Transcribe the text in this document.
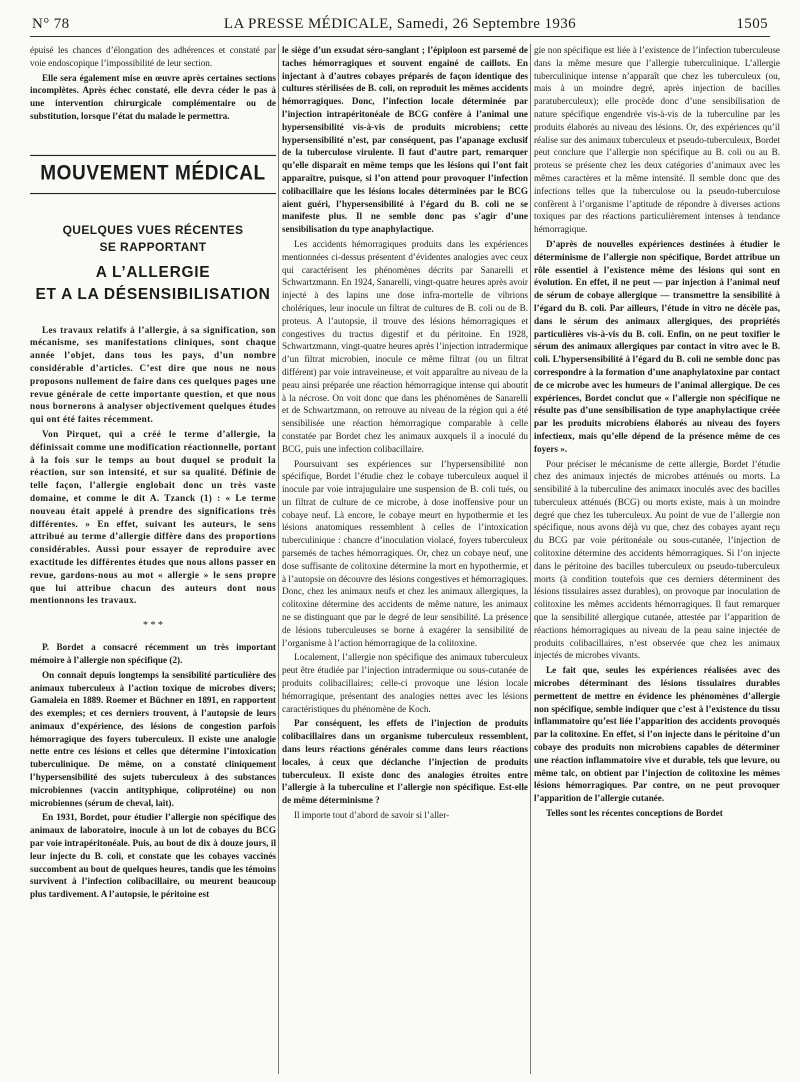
N° 78	LA PRESSE MÉDICALE, Samedi, 26 Septembre 1936	1505

épuisé les chances d’élongation des adhérences et constaté par voie endoscopique l’impossibilité de leur section.

Elle sera également mise en œuvre après certaines sections incomplètes. Après échec constaté, elle devra céder le pas à une intervention chirurgicale complémentaire ou de substitution, lorsque l’état du malade le permettra.

MOUVEMENT MÉDICAL
QUELQUES VUES RÉCENTES
SE RAPPORTANT
A L’ALLERGIE
ET A LA DÉSENSIBILISATION

Les travaux relatifs à l’allergie, à sa signification, son mécanisme, ses manifestations cliniques, sont chaque année l’objet, dans tous les pays, d’un nombre considérable d’articles. C’est dire que nous ne nous proposons nullement de faire dans ces quelques pages une revue générale de cette importante question, et que nous nous bornerons à analyser objectivement quelques études qui ont été faites récemment.

Von Pirquet, qui a créé le terme d’allergie, la définissait comme une modification réactionnelle, portant à la fois sur le temps au bout duquel se produit la réaction, sur son intensité, et sur sa qualité. Définie de telle façon, l’allergie englobait donc un très vaste domaine, et comme le dit A. Tzanck (1) : « Le terme nouveau était appelé à prendre des significations très différentes. » En effet, suivant les auteurs, le sens attribué au terme d’allergie diffère dans des proportions considérables. Aussi pour essayer de reproduire avec exactitude les différentes études que nous allons passer en revue, gardons-nous au mot « allergie » le sens propre que lui attribue chacun des auteurs dont nous mentionnons les travaux.

* * *

P. Bordet a consacré récemment un très important mémoire à l’allergie non spécifique (2).

On connaît depuis longtemps la sensibilité particulière des animaux tuberculeux à l’action toxique de microbes divers; Gamaleia en 1889. Roemer et Büchner en 1891, en rapportent des exemples; et ces derniers trouvent, à l’autopsie de leurs animaux d’expérience, des lésions de congestion parfois hémorragique des foyers tuberculeux. Il existe une analogie nette entre ces lésions et celles que détermine l’intoxication tuberculinique. De même, on a constaté cliniquement l’hypersensibilité des sujets tuberculeux à des substances microbiennes (vaccin antityphique, coliprotéine) ou non microbiennes (sérum de cheval, lait).

En 1931, Bordet, pour étudier l’allergie non spécifique des animaux de laboratoire, inocule à un lot de cobayes du BCG par voie intrapéritonéale. Puis, au bout de dix à douze jours, il leur injecte du B. coli, et constate que les cobayes vaccinés succombent au bout de quelques heures, tandis que les témoins survivent à l’infection colibacillaire, ou meurent beaucoup plus tardivement. A l’autopsie, le péritoine est

le siège d’un exsudat séro-sanglant ; l’épiploon est parsemé de taches hémorragiques et souvent engainé de caillots. En injectant à d’autres cobayes préparés de façon identique des cultures stérilisées de B. coli, on reproduit les mêmes accidents hémorragiques. Donc, l’infection locale déterminée par l’injection intrapéritonéale de BCG confère à l’animal une hypersensibilité vis-à-vis de produits microbiens; cette hypersensibilité n’est, par conséquent, pas l’apanage exclusif de la tuberculose virulente. Il faut d’autre part, remarquer qu’elle disparaît en même temps que les lésions qui l’ont fait apparaître, puisque, si l’on attend pour provoquer l’infection colibacillaire que les lésions locales déterminées par le BCG aient guéri, l’hypersensibilité à l’égard du B. coli ne se manifeste plus. Il ne semble donc pas s’agir d’une sensibilisation du type anaphylactique.

Les accidents hémorragiques produits dans les expériences mentionnées ci-dessus présentent d’évidentes analogies avec ceux qui caractérisent les phénomènes décrits par Sanarelli et Schwartzmann. En 1924, Sanarelli, vingt-quatre heures après avoir injecté à des lapins une dose infra-mortelle de vibrions cholériques, leur inocule un filtrat de cultures de B. coli ou de B. proteus. A l’autopsie, il trouve des lésions hémorragiques et congestives du tractus digestif et du péritoine. En 1928, Schwartzmann, vingt-quatre heures après l’injection intradermique d’un filtrat microbien, inocule ce même filtrat (ou un filtrat différent) par voie intraveineuse, et voit apparaître au niveau de la peau ainsi préparée une réaction hémorragique intense qui aboutit à la nécrose. On voit donc que dans les phénomènes de Sanarelli et de Schwartzmann, on retrouve au niveau de la région qui a été sensibilisée une réaction hémorragique comparable à celle constatée par Bordet chez les animaux auxquels il a inoculé du BCG, puis une infection colibacillaire.

Poursuivant ses expériences sur l’hypersensibilité non spécifique, Bordet l’étudie chez le cobaye tuberculeux auquel il inocule par voie intrajugulaire une suspension de B. coli tués, ou un filtrat de culture de ce microbe, à dose inoffensive pour un cobaye neuf. Là encore, le cobaye meurt en hypothermie et les lésions anatomiques ressemblent à celles de l’intoxication tuberculinique : chancre d’inoculation violacé, foyers tuberculeux parsemés de taches hémorragiques. Or, chez un cobaye neuf, une dose suffisante de colitoxine détermine la mort en hypothermie, et à l’autopsie on découvre des lésions congestives et hémorragiques. Donc, chez les animaux neufs et chez les animaux allergiques, la colitoxine détermine des accidents de même nature, les animaux ne se distinguant que par le degré de leur sensibilité. La présence de lésions tuberculeuses se borne à exagérer la sensibilité de l’organisme à l’action hémorragique de la colitoxine.

Localement, l’allergie non spécifique des animaux tuberculeux peut être étudiée par l’injection intradermique ou sous-cutanée de produits colibacillaires; celle-ci provoque une lésion locale hémorragique, présentant des analogies nettes avec les lésions caractéristiques du phénomène de Koch.

Par conséquent, les effets de l’injection de produits colibacillaires dans un organisme tuberculeux ressemblent, dans leurs réactions générales comme dans leurs réactions locales, à ceux que déclanche l’injection de produits tuberculeux. Il existe donc des analogies étroites entre l’allergie à la tuberculine et l’allergie non spécifique. Est-elle de même déterminisme ?

Il importe tout d’abord de savoir si l’aller-

gie non spécifique est liée à l’existence de l’infection tuberculeuse dans la même mesure que l’allergie tuberculinique. L’allergie tuberculinique intense n’apparaît que chez les tuberculeux (ou, mais à un moindre degré, après injection de bacilles paratuberculeux); elle procède donc d’une sensibilisation de nature spécifique engendrée vis-à-vis de la tuberculine par les produits élaborés au niveau des lésions. Or, des expériences qu’il réalise sur des animaux tuberculeux et pseudo-tuberculeux, Bordet peut conclure que l’allergie non spécifique au B. coli ou au B. proteus se présente chez les deux catégories d’animaux avec les mêmes caractères et la même intensité. Il semble donc que des infections telles que la tuberculose ou la pseudo-tuberculose confèrent à l’organisme l’aptitude de répondre à diverses actions toxiques par des réactions particulièrement intenses à tendance hémorragique.

D’après de nouvelles expériences destinées à étudier le déterminisme de l’allergie non spécifique, Bordet attribue un rôle essentiel à l’existence même des lésions qui sont en évolution. En effet, il ne peut — par injection à l’animal neuf de sérum de cobaye allergique — transmettre la sensibilité à l’égard du B. coli. Par ailleurs, l’étude in vitro ne décèle pas, dans le sérum des animaux allergiques, des propriétés particulières vis-à-vis du B. coli. Enfin, on ne peut toxifier le sérum des animaux allergiques par contact in vitro avec le B. coli. L’hypersensibilité à l’égard du B. coli ne semble donc pas correspondre à la formation d’une anaphylatoxine par contact de ce microbe avec les humeurs de l’animal allergique. De ces expériences, Bordet conclut que « l’allergie non spécifique ne résulte pas d’une sensibilisation de type anaphylactique créée par les produits microbiens élaborés au niveau des foyers infectieux, mais qu’elle dépend de la présence même de ces foyers ».

Pour préciser le mécanisme de cette allergie, Bordet l’étudie chez des animaux injectés de microbes atténués ou morts. La sensibilité à la tuberculine des animaux inoculés avec des bacilles tuberculeux atténués (BCG) ou morts existe, mais à un moindre degré que chez les tuberculeux. Au point de vue de l’allergie non spécifique, nous avons déjà vu que, chez des cobayes ayant reçu du BCG par voie péritonéale ou sous-cutanée, l’injection de colitoxine détermine des accidents hémorragiques. Si l’on injecte dans le péritoine des bacilles tuberculeux ou pseudo-tuberculeux morts (à condition toutefois que ces derniers déterminent des lésions tissulaires assez durables), on provoque par inoculation de colitoxine les mêmes accidents hémorragiques. Il faut remarquer que la sensibilité allergique cutanée, attestée par l’apparition de réactions hémorragiques au niveau de la peau saine injectée de produits colibacillaires, n’est observée que chez les animaux injectés de microbes vivants.

Le fait que, seules les expériences réalisées avec des microbes déterminant des lésions tissulaires durables permettent de mettre en évidence les phénomènes d’allergie non spécifique, semble indiquer que c’est à l’existence du tissu inflammatoire qu’est liée l’apparition des accidents provoqués par la colitoxine. En effet, si l’on injecte dans le péritoine d’un cobaye des produits non microbiens capables de déterminer une réaction inflammatoire vive et durable, tels que levure, ou même talc, on obtient par l’injection de colitoxine les mêmes lésions hémorragiques. Par contre, on ne peut provoquer l’apparition de l’allergie cutanée.

Telles sont les récentes conceptions de Bordet
